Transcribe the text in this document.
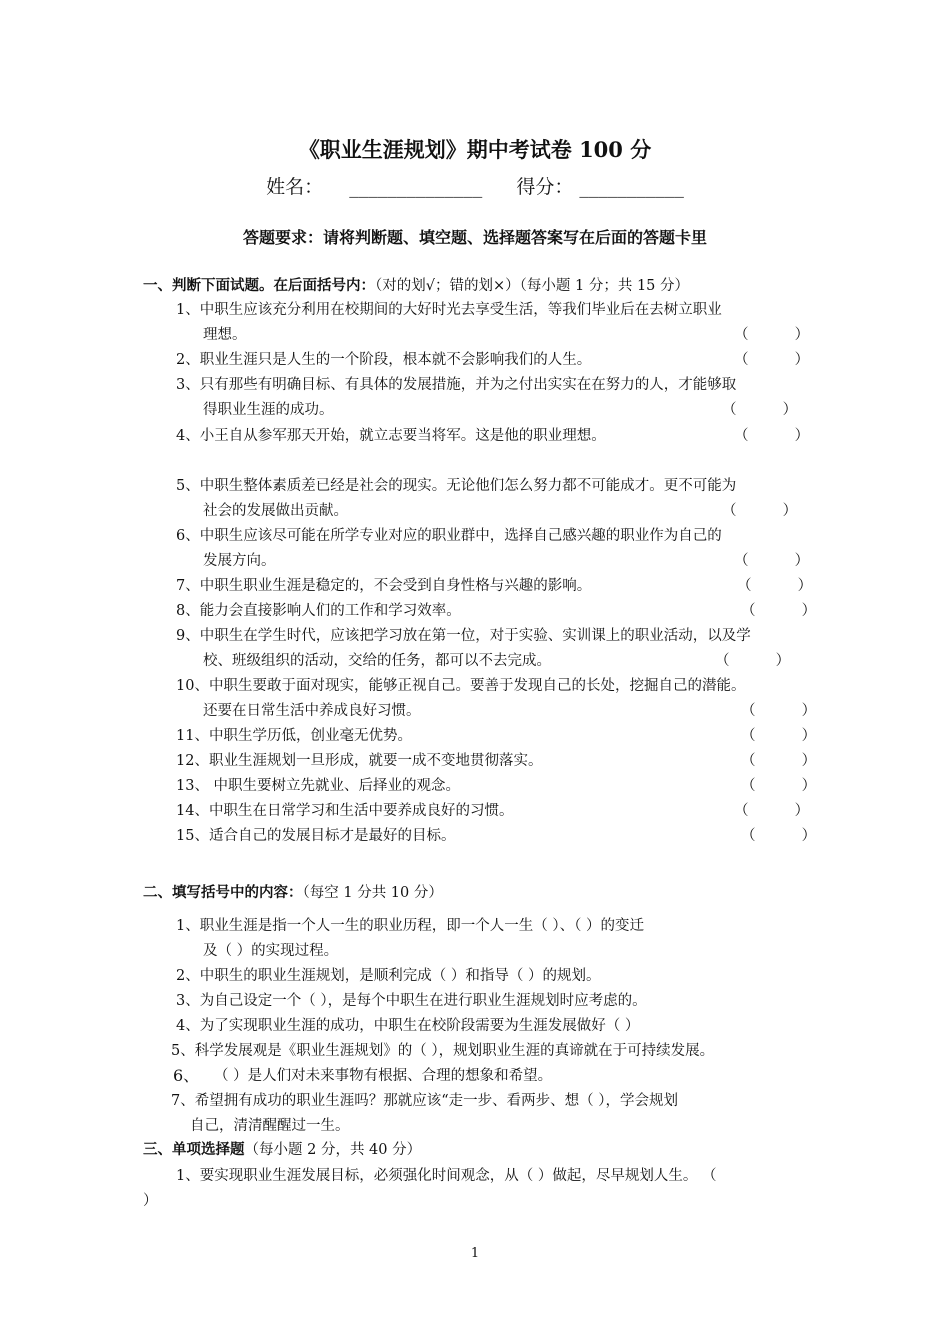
《职业生涯规划》期中考试卷 100 分
姓名： ______________ 得分： ___________
答题要求：请将判断题、填空题、选择题答案写在后面的答题卡里
一、判断下面试题。在后面括号内：（对的划√；错的划×）（每小题 1 分；共 15 分）
1、中职生应该充分利用在校期间的大好时光去享受生活，等我们毕业后在去树立职业
理想。	（          ）
2、职业生涯只是人生的一个阶段，根本就不会影响我们的人生。	（          ）
3、只有那些有明确目标、有具体的发展措施，并为之付出实实在在努力的人，才能够取
得职业生涯的成功。	（          ）
4、小王自从参军那天开始，就立志要当将军。这是他的职业理想。	（          ）
5、中职生整体素质差已经是社会的现实。无论他们怎么努力都不可能成才。更不可能为
社会的发展做出贡献。	（          ）
6、中职生应该尽可能在所学专业对应的职业群中，选择自己感兴趣的职业作为自己的
发展方向。	（          ）
7、中职生职业生涯是稳定的，不会受到自身性格与兴趣的影响。	（          ）
8、能力会直接影响人们的工作和学习效率。	（          ）
9、中职生在学生时代，应该把学习放在第一位，对于实验、实训课上的职业活动，以及学
校、班级组织的活动，交给的任务，都可以不去完成。	（          ）
10、中职生要敢于面对现实，能够正视自己。要善于发现自己的长处，挖掘自己的潜能。
还要在日常生活中养成良好习惯。	（          ）
11、中职生学历低，创业毫无优势。	（          ）
12、职业生涯规划一旦形成，就要一成不变地贯彻落实。	（          ）
13、 中职生要树立先就业、后择业的观念。	（          ）
14、中职生在日常学习和生活中要养成良好的习惯。	（          ）
15、适合自己的发展目标才是最好的目标。	（          ）
二、填写括号中的内容：（每空 1 分共 10 分）
1、职业生涯是指一个人一生的职业历程，即一个人一生（ ）、（ ）的变迁
及（ ）的实现过程。
2、中职生的职业生涯规划，是顺利完成（ ）和指导（ ）的规划。
3、为自己设定一个（ ），是每个中职生在进行职业生涯规划时应考虑的。
4、为了实现职业生涯的成功，中职生在校阶段需要为生涯发展做好（ ）
5、科学发展观是《职业生涯规划》的（ ），规划职业生涯的真谛就在于可持续发展。
6、 （ ）是人们对未来事物有根据、合理的想象和希望。
7、希望拥有成功的职业生涯吗？那就应该“走一步、看两步、想（ ），学会规划
自己，清清醒醒过一生。
三、单项选择题（每小题 2 分，共 40 分）
1、要实现职业生涯发展目标，必须强化时间观念，从（ ）做起，尽早规划人生。 （
）
1
